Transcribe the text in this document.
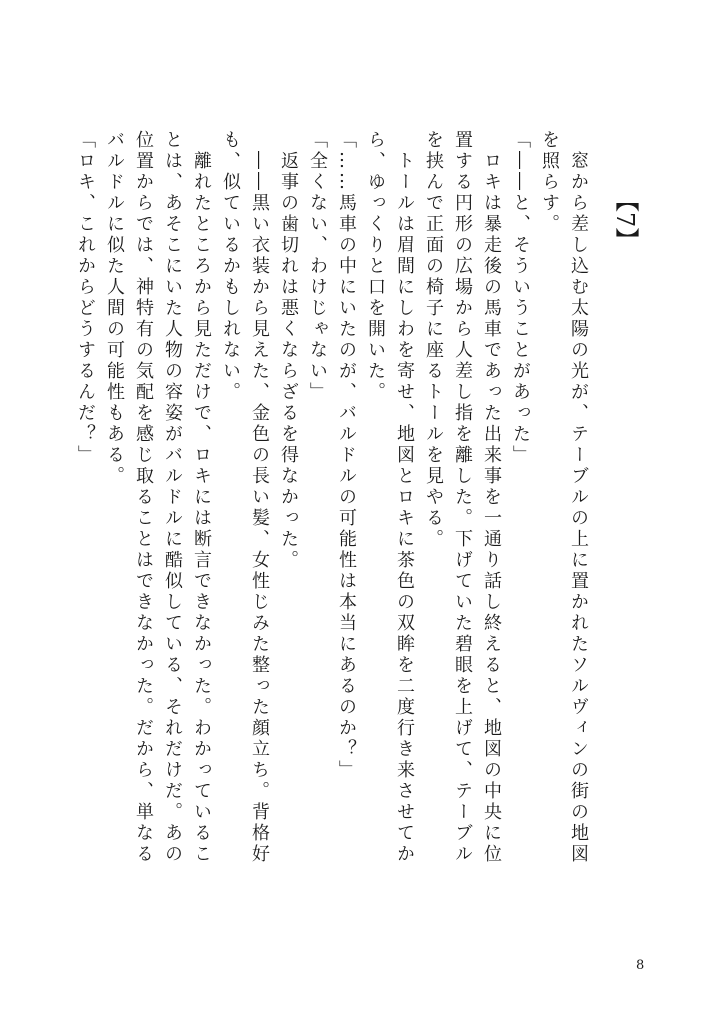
【7】

　窓から差し込む太陽の光が、テーブルの上に置かれたソルヴィンの街の地図を照らす。

「――と、そういうことがあった」

　ロキは暴走後の馬車であった出来事を一通り話し終えると、地図の中央に位置する円形の広場から人差し指を離した。下げていた碧眼を上げて、テーブルを挟んで正面の椅子に座るトールを見やる。

　トールは眉間にしわを寄せ、地図とロキに茶色の双眸を二度行き来させてから、ゆっくりと口を開いた。

「……馬車の中にいたのが、バルドルの可能性は本当にあるのか？」

「全くない、わけじゃない」

　返事の歯切れは悪くならざるを得なかった。

　――黒い衣装から見えた、金色の長い髪、女性じみた整った顔立ち。背格好も、似ているかもしれない。

　離れたところから見ただけで、ロキには断言できなかった。わかっていることは、あそこにいた人物の容姿がバルドルに酷似している、それだけだ。あの位置からでは、神特有の気配を感じ取ることはできなかった。だから、単なるバルドルに似た人間の可能性もある。

「ロキ、これからどうするんだ？」

8
